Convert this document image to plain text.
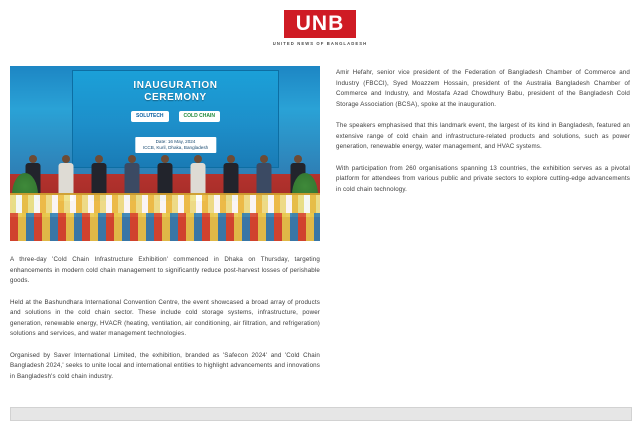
UNB
UNITED NEWS OF BANGLADESH
INAUGURATION
CEREMONY
SOLUTECH	COLD CHAIN
Date: 16 May, 2024
ICCB, Kuril, Dhaka, Bangladesh

A three-day 'Cold Chain Infrastructure Exhibition' commenced in Dhaka on Thursday, targeting enhancements in modern cold chain management to significantly reduce post-harvest losses of perishable goods.

Held at the Bashundhara International Convention Centre, the event showcased a broad array of products and solutions in the cold chain sector. These include cold storage systems, infrastructure, power generation, renewable energy, HVACR (heating, ventilation, air conditioning, air filtration, and refrigeration) solutions and services, and water management technologies.

Organised by Saver International Limited, the exhibition, branded as 'Safecon 2024' and 'Cold Chain Bangladesh 2024,' seeks to unite local and international entities to highlight advancements and innovations in Bangladesh's cold chain industry.

Amir Hefahr, senior vice president of the Federation of Bangladesh Chamber of Commerce and Industry (FBCCI), Syed Moazzem Hossain, president of the Australia Bangladesh Chamber of Commerce and Industry, and Mostafa Azad Chowdhury Babu, president of the Bangladesh Cold Storage Association (BCSA), spoke at the inauguration.

The speakers emphasised that this landmark event, the largest of its kind in Bangladesh, featured an extensive range of cold chain and infrastructure-related products and solutions, such as power generation, renewable energy, water management, and HVAC systems.

With participation from 260 organisations spanning 13 countries, the exhibition serves as a pivotal platform for attendees from various public and private sectors to explore cutting-edge advancements in cold chain technology.
